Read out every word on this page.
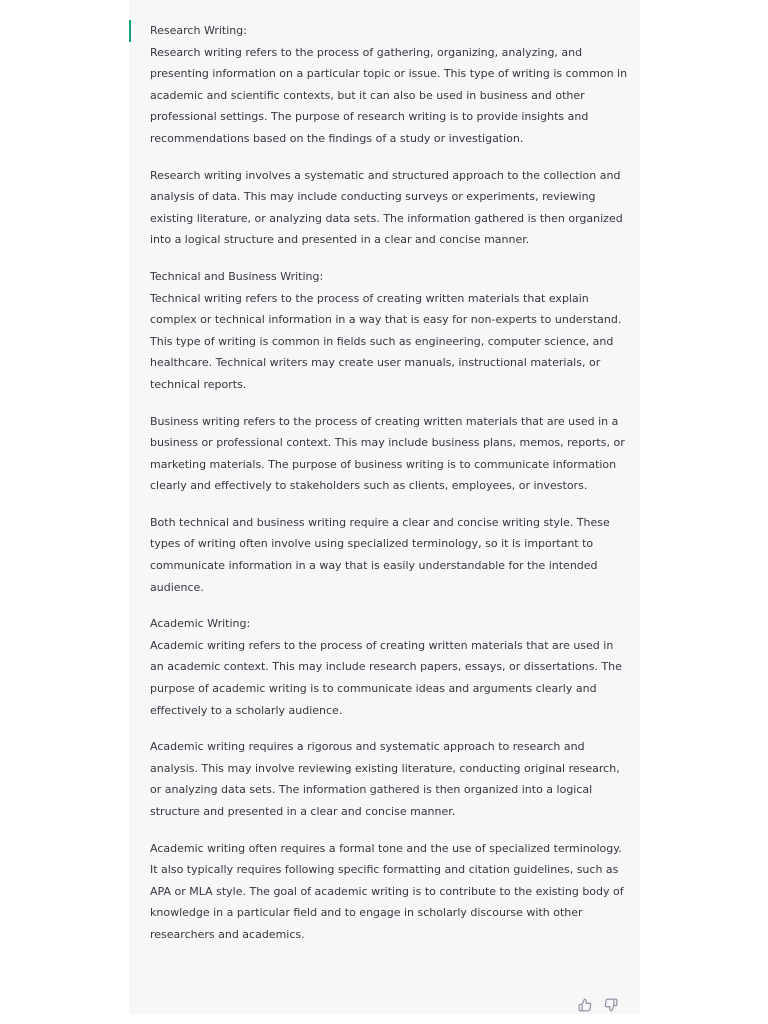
Research Writing:
Research writing refers to the process of gathering, organizing, analyzing, and presenting information on a particular topic or issue. This type of writing is common in academic and scientific contexts, but it can also be used in business and other professional settings. The purpose of research writing is to provide insights and recommendations based on the findings of a study or investigation.

Research writing involves a systematic and structured approach to the collection and analysis of data. This may include conducting surveys or experiments, reviewing existing literature, or analyzing data sets. The information gathered is then organized into a logical structure and presented in a clear and concise manner.

Technical and Business Writing:
Technical writing refers to the process of creating written materials that explain complex or technical information in a way that is easy for non-experts to understand. This type of writing is common in fields such as engineering, computer science, and healthcare. Technical writers may create user manuals, instructional materials, or technical reports.

Business writing refers to the process of creating written materials that are used in a business or professional context. This may include business plans, memos, reports, or marketing materials. The purpose of business writing is to communicate information clearly and effectively to stakeholders such as clients, employees, or investors.

Both technical and business writing require a clear and concise writing style. These types of writing often involve using specialized terminology, so it is important to communicate information in a way that is easily understandable for the intended audience.

Academic Writing:
Academic writing refers to the process of creating written materials that are used in an academic context. This may include research papers, essays, or dissertations. The purpose of academic writing is to communicate ideas and arguments clearly and effectively to a scholarly audience.

Academic writing requires a rigorous and systematic approach to research and analysis. This may involve reviewing existing literature, conducting original research, or analyzing data sets. The information gathered is then organized into a logical structure and presented in a clear and concise manner.

Academic writing often requires a formal tone and the use of specialized terminology. It also typically requires following specific formatting and citation guidelines, such as APA or MLA style. The goal of academic writing is to contribute to the existing body of knowledge in a particular field and to engage in scholarly discourse with other researchers and academics.
